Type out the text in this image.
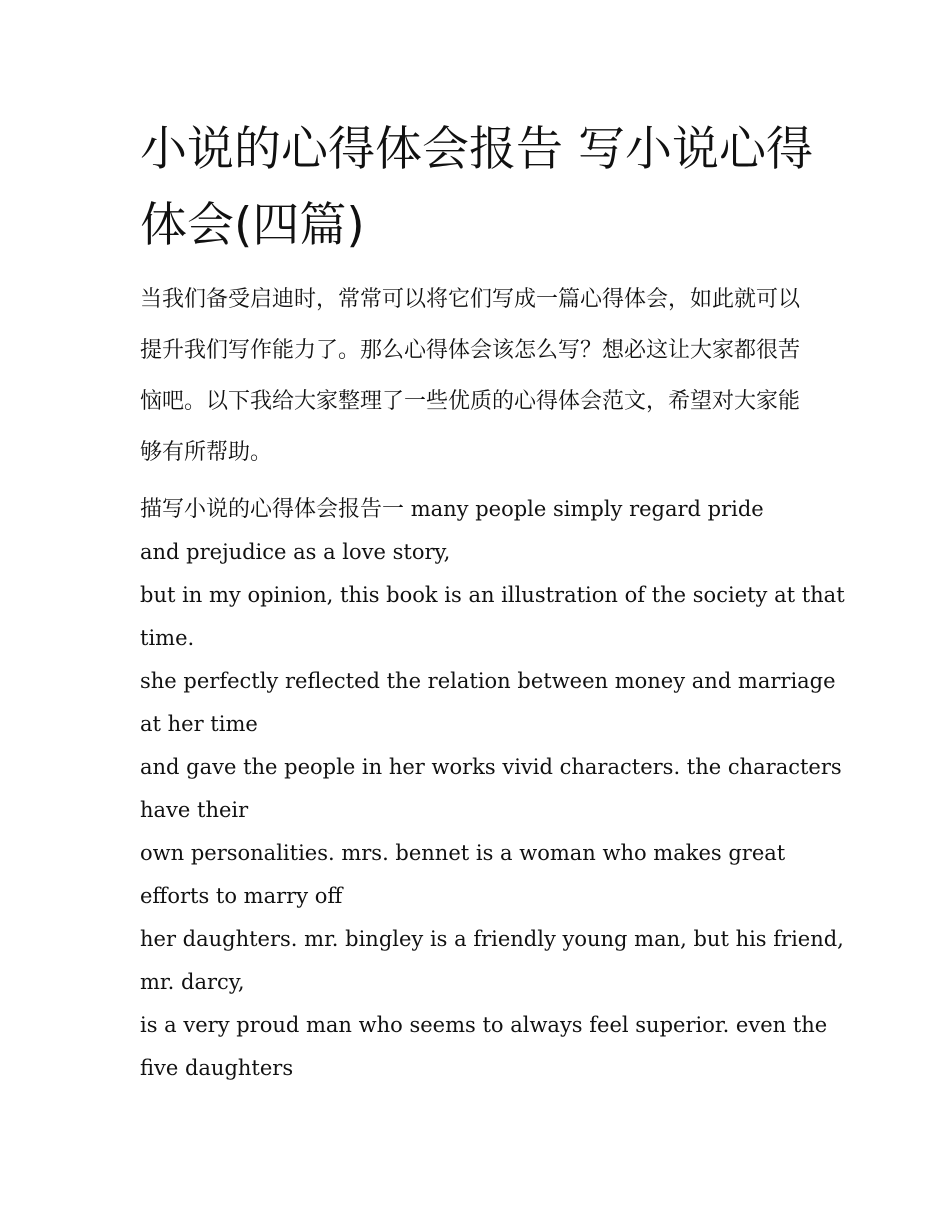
小说的心得体会报告 写小说心得体会(四篇)

当我们备受启迪时，常常可以将它们写成一篇心得体会，如此就可以提升我们写作能力了。那么心得体会该怎么写？想必这让大家都很苦恼吧。以下我给大家整理了一些优质的心得体会范文，希望对大家能够有所帮助。

描写小说的心得体会报告一 many people simply regard pride
and prejudice as a love story,
but in my opinion, this book is an illustration of the society at that
time.
she perfectly reflected the relation between money and marriage
at her time
and gave the people in her works vivid characters. the characters
have their
own personalities. mrs. bennet is a woman who makes great
efforts to marry off
her daughters. mr. bingley is a friendly young man, but his friend,
mr. darcy,
is a very proud man who seems to always feel superior. even the
five daughters
